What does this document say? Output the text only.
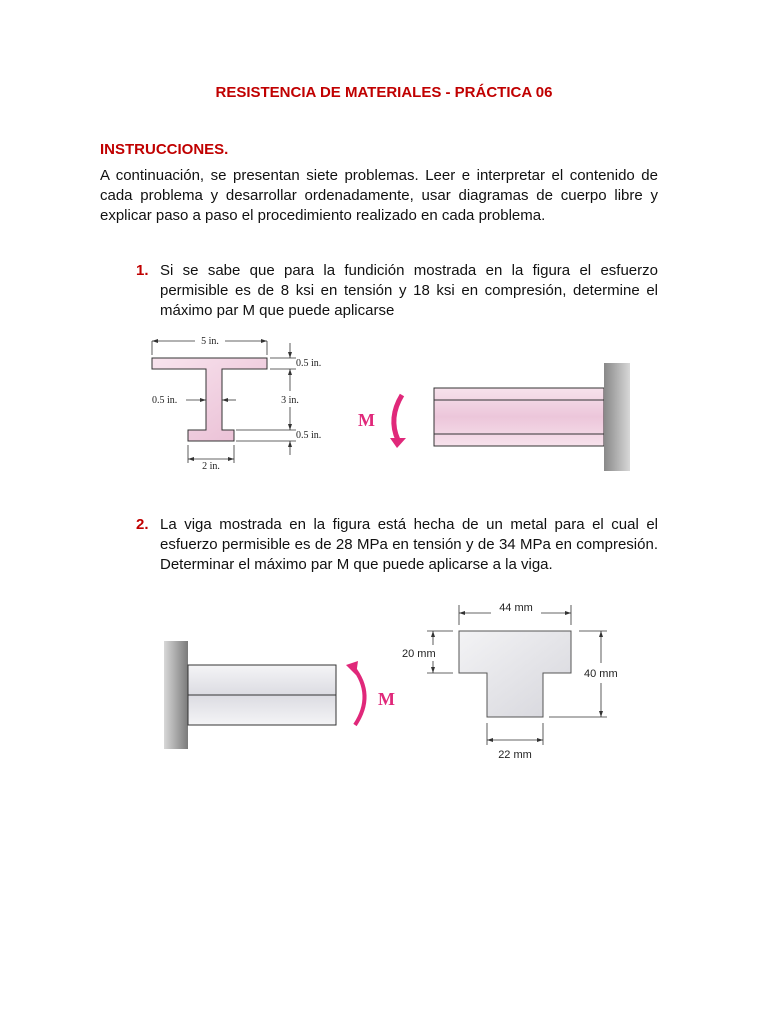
RESISTENCIA DE MATERIALES - PRÁCTICA 06
INSTRUCCIONES.
A continuación, se presentan siete problemas. Leer e interpretar el contenido de cada problema y desarrollar ordenadamente, usar diagramas de cuerpo libre y explicar paso a paso el procedimiento realizado en cada problema.
1. Si se sabe que para la fundición mostrada en la figura el esfuerzo permisible es de 8 ksi en tensión y 18 ksi en compresión, determine el máximo par M que puede aplicarse
5 in.
0.5 in.
3 in.
0.5 in.
0.5 in.
2 in.
M
2. La viga mostrada en la figura está hecha de un metal para el cual el esfuerzo permisible es de 28 MPa en tensión y de 34 MPa en compresión. Determinar el máximo par M que puede aplicarse a la viga.
M
44 mm
20 mm
40 mm
22 mm
